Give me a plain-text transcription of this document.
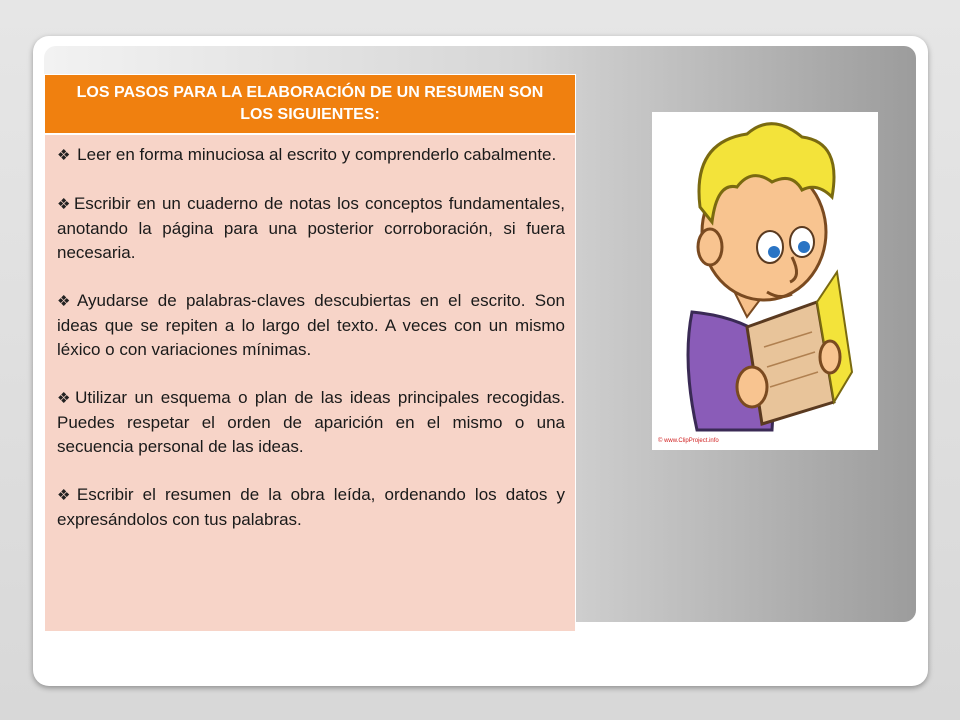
LOS PASOS PARA LA ELABORACIÓN DE UN RESUMEN SON LOS SIGUIENTES:

❖ Leer en forma minuciosa al escrito y comprenderlo cabalmente.

❖ Escribir en un cuaderno de notas los conceptos fundamentales, anotando la página para una posterior corroboración, si fuera necesaria.

❖ Ayudarse de palabras-claves descubiertas en el escrito. Son ideas que se repiten a lo largo del texto. A veces con un mismo léxico o con variaciones mínimas.

❖ Utilizar un esquema o plan de las ideas principales recogidas. Puedes respetar el orden de aparición en el mismo o una secuencia personal de las ideas.

❖ Escribir el resumen de la obra leída, ordenando los datos y expresándolos con tus palabras.

© www.ClipProject.info
